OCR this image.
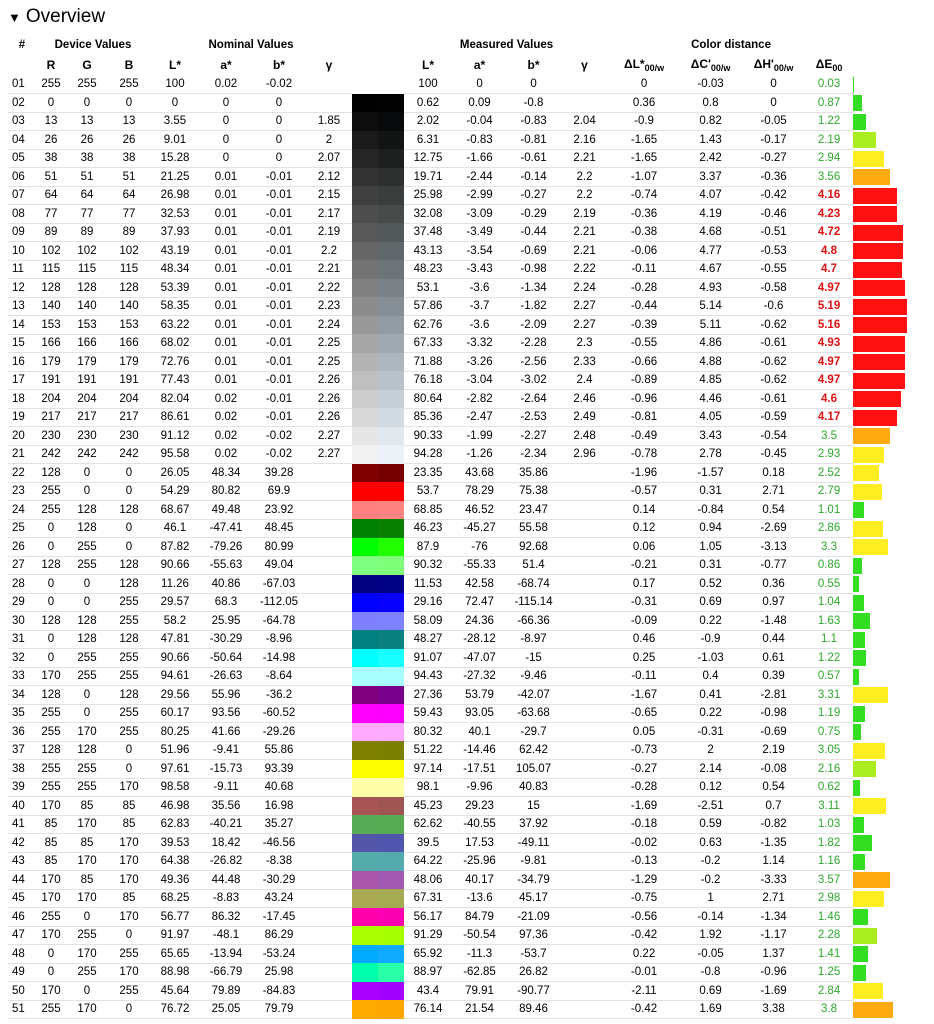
▼ Overview
#	Device Values			Nominal Values					Measured Values				Color distance				
	R	G	B	L*	a*	b*	γ		L*	a*	b*	γ	$\Delta L*_{00/w}$	$\Delta C'_{00/w}$	$\Delta H'_{00/w}$	$\Delta E_{00}$	
01	255	255	255	100	0.02	-0.02			100	0	0		0	-0.03	0	0.03	

02	0	0	0	0	0	0			0.62	0.09	-0.8		0.36	0.8	0	0.87	

03	13	13	13	3.55	0	0	1.85		2.02	-0.04	-0.83	2.04	-0.9	0.82	-0.05	1.22	

04	26	26	26	9.01	0	0	2		6.31	-0.83	-0.81	2.16	-1.65	1.43	-0.17	2.19	

05	38	38	38	15.28	0	0	2.07		12.75	-1.66	-0.61	2.21	-1.65	2.42	-0.27	2.94	

06	51	51	51	21.25	0.01	-0.01	2.12		19.71	-2.44	-0.14	2.2	-1.07	3.37	-0.36	3.56	

07	64	64	64	26.98	0.01	-0.01	2.15		25.98	-2.99	-0.27	2.2	-0.74	4.07	-0.42	4.16	

08	77	77	77	32.53	0.01	-0.01	2.17		32.08	-3.09	-0.29	2.19	-0.36	4.19	-0.46	4.23	

09	89	89	89	37.93	0.01	-0.01	2.19		37.48	-3.49	-0.44	2.21	-0.38	4.68	-0.51	4.72	

10	102	102	102	43.19	0.01	-0.01	2.2		43.13	-3.54	-0.69	2.21	-0.06	4.77	-0.53	4.8	

11	115	115	115	48.34	0.01	-0.01	2.21		48.23	-3.43	-0.98	2.22	-0.11	4.67	-0.55	4.7	

12	128	128	128	53.39	0.01	-0.01	2.22		53.1	-3.6	-1.34	2.24	-0.28	4.93	-0.58	4.97	

13	140	140	140	58.35	0.01	-0.01	2.23		57.86	-3.7	-1.82	2.27	-0.44	5.14	-0.6	5.19	

14	153	153	153	63.22	0.01	-0.01	2.24		62.76	-3.6	-2.09	2.27	-0.39	5.11	-0.62	5.16	

15	166	166	166	68.02	0.01	-0.01	2.25		67.33	-3.32	-2.28	2.3	-0.55	4.86	-0.61	4.93	

16	179	179	179	72.76	0.01	-0.01	2.25		71.88	-3.26	-2.56	2.33	-0.66	4.88	-0.62	4.97	

17	191	191	191	77.43	0.01	-0.01	2.26		76.18	-3.04	-3.02	2.4	-0.89	4.85	-0.62	4.97	

18	204	204	204	82.04	0.02	-0.01	2.26		80.64	-2.82	-2.64	2.46	-0.96	4.46	-0.61	4.6	

19	217	217	217	86.61	0.02	-0.01	2.26		85.36	-2.47	-2.53	2.49	-0.81	4.05	-0.59	4.17	

20	230	230	230	91.12	0.02	-0.02	2.27		90.33	-1.99	-2.27	2.48	-0.49	3.43	-0.54	3.5	

21	242	242	242	95.58	0.02	-0.02	2.27		94.28	-1.26	-2.34	2.96	-0.78	2.78	-0.45	2.93	

22	128	0	0	26.05	48.34	39.28			23.35	43.68	35.86		-1.96	-1.57	0.18	2.52	

23	255	0	0	54.29	80.82	69.9			53.7	78.29	75.38		-0.57	0.31	2.71	2.79	

24	255	128	128	68.67	49.48	23.92			68.85	46.52	23.47		0.14	-0.84	0.54	1.01	

25	0	128	0	46.1	-47.41	48.45			46.23	-45.27	55.58		0.12	0.94	-2.69	2.86	

26	0	255	0	87.82	-79.26	80.99			87.9	-76	92.68		0.06	1.05	-3.13	3.3	

27	128	255	128	90.66	-55.63	49.04			90.32	-55.33	51.4		-0.21	0.31	-0.77	0.86	

28	0	0	128	11.26	40.86	-67.03			11.53	42.58	-68.74		0.17	0.52	0.36	0.55	

29	0	0	255	29.57	68.3	-112.05			29.16	72.47	-115.14		-0.31	0.69	0.97	1.04	

30	128	128	255	58.2	25.95	-64.78			58.09	24.36	-66.36		-0.09	0.22	-1.48	1.63	

31	0	128	128	47.81	-30.29	-8.96			48.27	-28.12	-8.97		0.46	-0.9	0.44	1.1	

32	0	255	255	90.66	-50.64	-14.98			91.07	-47.07	-15		0.25	-1.03	0.61	1.22	

33	170	255	255	94.61	-26.63	-8.64			94.43	-27.32	-9.46		-0.11	0.4	0.39	0.57	

34	128	0	128	29.56	55.96	-36.2			27.36	53.79	-42.07		-1.67	0.41	-2.81	3.31	

35	255	0	255	60.17	93.56	-60.52			59.43	93.05	-63.68		-0.65	0.22	-0.98	1.19	

36	255	170	255	80.25	41.66	-29.26			80.32	40.1	-29.7		0.05	-0.31	-0.69	0.75	

37	128	128	0	51.96	-9.41	55.86			51.22	-14.46	62.42		-0.73	2	2.19	3.05	

38	255	255	0	97.61	-15.73	93.39			97.14	-17.51	105.07		-0.27	2.14	-0.08	2.16	

39	255	255	170	98.58	-9.11	40.68			98.1	-9.96	40.83		-0.28	0.12	0.54	0.62	

40	170	85	85	46.98	35.56	16.98			45.23	29.23	15		-1.69	-2.51	0.7	3.11	

41	85	170	85	62.83	-40.21	35.27			62.62	-40.55	37.92		-0.18	0.59	-0.82	1.03	

42	85	85	170	39.53	18.42	-46.56			39.5	17.53	-49.11		-0.02	0.63	-1.35	1.82	

43	85	170	170	64.38	-26.82	-8.38			64.22	-25.96	-9.81		-0.13	-0.2	1.14	1.16	

44	170	85	170	49.36	44.48	-30.29			48.06	40.17	-34.79		-1.29	-0.2	-3.33	3.57	

45	170	170	85	68.25	-8.83	43.24			67.31	-13.6	45.17		-0.75	1	2.71	2.98	

46	255	0	170	56.77	86.32	-17.45			56.17	84.79	-21.09		-0.56	-0.14	-1.34	1.46	

47	170	255	0	91.97	-48.1	86.29			91.29	-50.54	97.36		-0.42	1.92	-1.17	2.28	

48	0	170	255	65.65	-13.94	-53.24			65.92	-11.3	-53.7		0.22	-0.05	1.37	1.41	

49	0	255	170	88.98	-66.79	25.98			88.97	-62.85	26.82		-0.01	-0.8	-0.96	1.25	

50	170	0	255	45.64	79.89	-84.83			43.4	79.91	-90.77		-2.11	0.69	-1.69	2.84	

51	255	170	0	76.72	25.05	79.79			76.14	21.54	89.46		-0.42	1.69	3.38	3.8	
